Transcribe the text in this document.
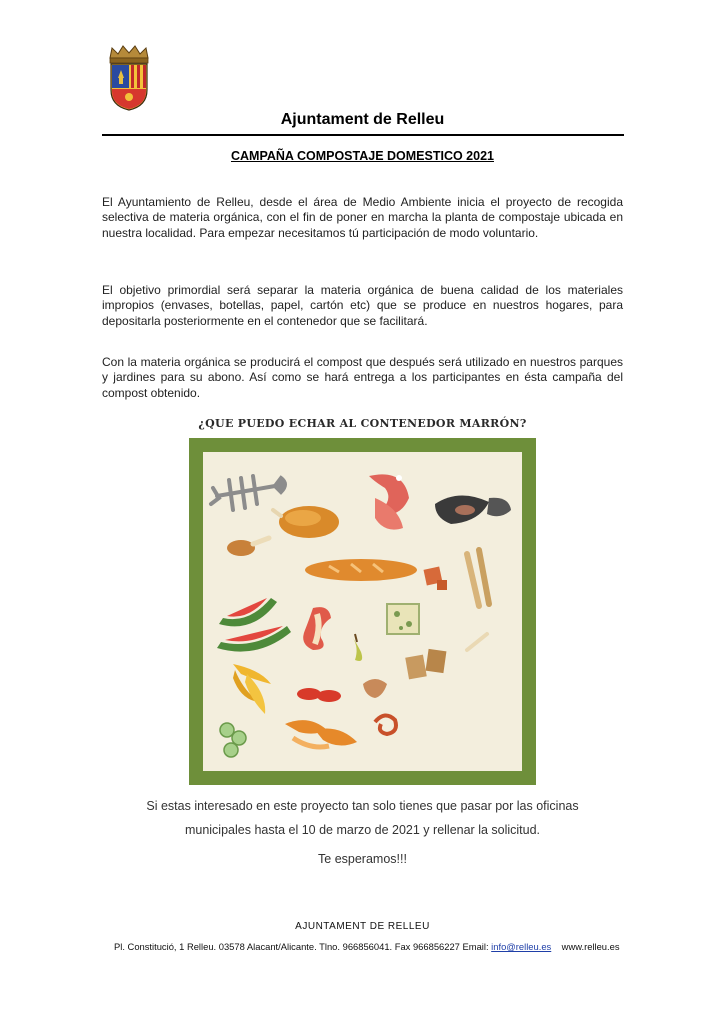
Ajuntament de Relleu
CAMPAÑA COMPOSTAJE DOMESTICO 2021

El Ayuntamiento de Relleu, desde el área de Medio Ambiente inicia el proyecto de recogida selectiva de materia orgánica, con el fin de poner en marcha la planta de compostaje ubicada en nuestra localidad. Para empezar necesitamos tú participación de modo voluntario.

El objetivo primordial será separar la materia orgánica de buena calidad de los materiales impropios (envases, botellas, papel, cartón etc) que se produce en nuestros hogares, para depositarla posteriormente en el contenedor que se facilitará.

Con la materia orgánica se producirá el compost que después será utilizado en nuestros parques y jardines para su abono. Así como se hará entrega a los participantes en ésta campaña del compost obtenido.

¿QUE PUEDO ECHAR AL CONTENEDOR MARRÓN?
Si estas interesado en este proyecto tan solo tienes que pasar por las oficinas
municipales hasta el 10 de marzo de 2021 y rellenar la solicitud.
Te esperamos!!!
AJUNTAMENT DE RELLEU
Pl. Constitució, 1 Relleu. 03578 Alacant/Alicante. Tlno. 966856041. Fax 966856227 Email: info@relleu.es www.relleu.es
